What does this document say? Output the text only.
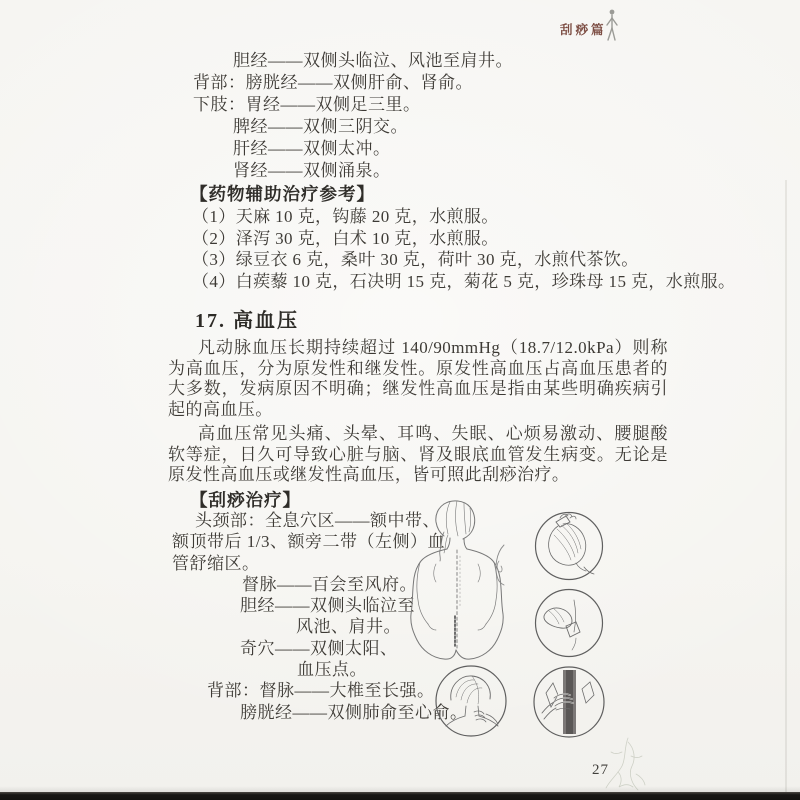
刮痧篇
胆经——双侧头临泣、风池至肩井。
背部：膀胱经——双侧肝俞、肾俞。
下肢：胃经——双侧足三里。
脾经——双侧三阴交。
肝经——双侧太冲。
肾经——双侧涌泉。
【药物辅助治疗参考】
（1）天麻 10 克，钩藤 20 克，水煎服。
（2）泽泻 30 克，白术 10 克，水煎服。
（3）绿豆衣 6 克，桑叶 30 克，荷叶 30 克，水煎代茶饮。
（4）白蒺藜 10 克，石决明 15 克，菊花 5 克，珍珠母 15 克，水煎服。
17. 高血压
凡动脉血压长期持续超过 140/90mmHg（18.7/12.0kPa）则称为高血压，分为原发性和继发性。原发性高血压占高血压患者的大多数，发病原因不明确；继发性高血压是指由某些明确疾病引起的高血压。
高血压常见头痛、头晕、耳鸣、失眠、心烦易激动、腰腿酸软等症，日久可导致心脏与脑、肾及眼底血管发生病变。无论是原发性高血压或继发性高血压，皆可照此刮痧治疗。
【刮痧治疗】
头颈部：全息穴区——额中带、
额顶带后 1/3、额旁二带（左侧）血
管舒缩区。
督脉——百会至风府。
胆经——双侧头临泣至
风池、肩井。
奇穴——双侧太阳、
血压点。
背部：督脉——大椎至长强。
膀胱经——双侧肺俞至心俞。
27
